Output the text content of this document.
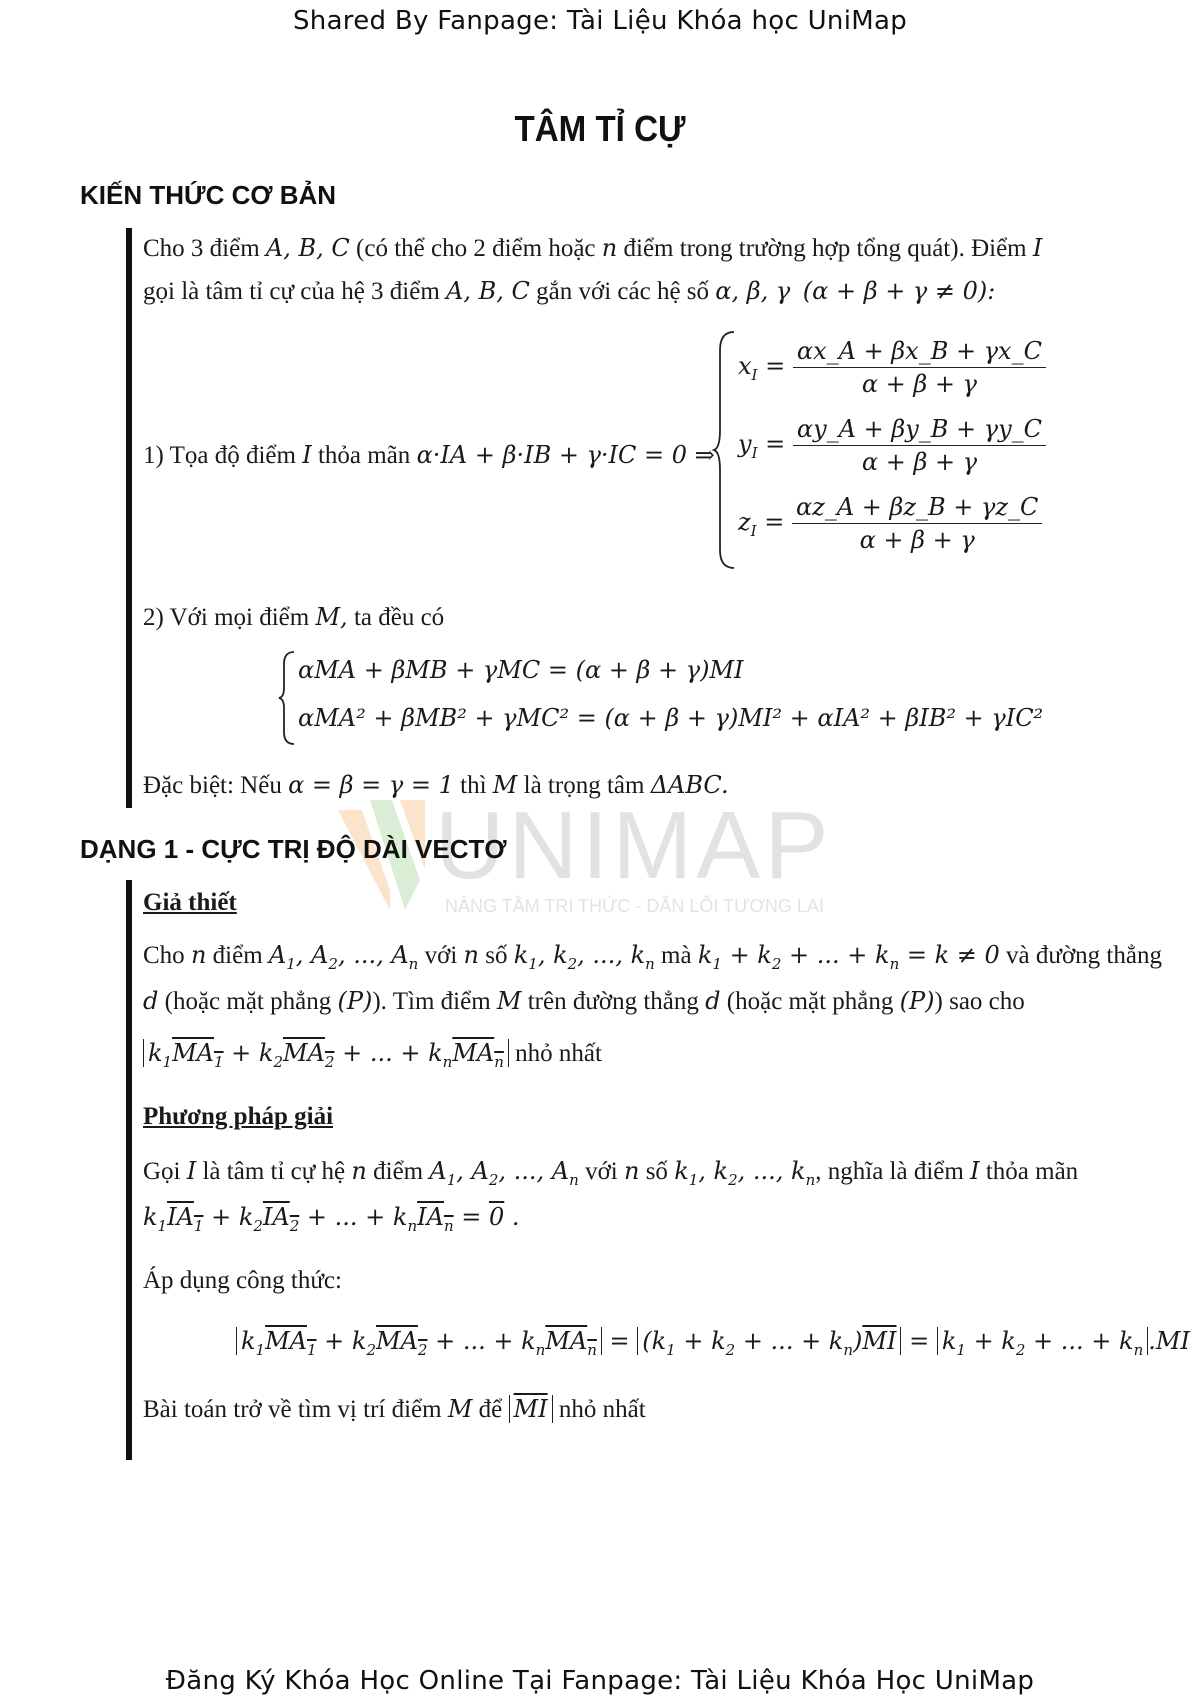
Shared By Fanpage: Tài Liệu Khóa học UniMap
UNIMAP
NÂNG TẦM TRI THỨC - DẪN LỐI TƯƠNG LAI
TÂM TỈ CỰ
KIẾN THỨC CƠ BẢN

Cho 3 điểm A, B, C (có thể cho 2 điểm hoặc n điểm trong trường hợp tổng quát). Điểm I

gọi là tâm tỉ cự của hệ 3 điểm A, B, C gắn với các hệ số α, β, γ (α + β + γ ≠ 0):

1) Tọa độ điểm I thỏa mãn α·IA + β·IB + γ·IC = 0 ⇒

$x_I = \frac{\alpha x\_A + \beta x\_B + \gamma x\_C}{\alpha + \beta + \gamma}$
$y_I = \frac{\alpha y\_A + \beta y\_B + \gamma y\_C}{\alpha + \beta + \gamma}$
$z_I = \frac{\alpha z\_A + \beta z\_B + \gamma z\_C}{\alpha + \beta + \gamma}$

2) Với mọi điểm M, ta đều có

αMA + βMB + γMC = (α + β + γ)MI
αMA² + βMB² + γMC² = (α + β + γ)MI² + αIA² + βIB² + γIC²

Đặc biệt: Nếu α = β = γ = 1 thì M là trọng tâm ΔABC.

DẠNG 1 - CỰC TRỊ ĐỘ DÀI VECTƠ

Giả thiết

Cho n điểm $A_1$, $A_2$, ..., $A_n$ với n số $k_1$, $k_2$, ..., $k_n$ mà $k_1 + k_2$ + ... + $k_n = k \ne 0$ và đường thẳng

d (hoặc mặt phẳng (P)). Tìm điểm M trên đường thẳng d (hoặc mặt phẳng (P)) sao cho

$k_1MA_1 + k_2MA_2$ + ... + $k_nMA_n$ nhỏ nhất

Phương pháp giải

Gọi I là tâm tỉ cự hệ n điểm $A_1$, $A_2$, ..., $A_n$ với n số $k_1$, $k_2$, ..., $k_n$, nghĩa là điểm I thỏa mãn

$k_1IA_1 + k_2IA_2$ + ... + $k_nIA_n = 0$ .

Áp dụng công thức:

$k_1MA_1 + k_2MA_2$ + ... + $k_nMA_n = (k_1 + k_2$ + ... + $k_n)\overline{MI} = k_1 + k_2$ + ... + $k_n$ .MI

Bài toán trở về tìm vị trí điểm M để $\overline{MI}$ nhỏ nhất

Đăng Ký Khóa Học Online Tại Fanpage: Tài Liệu Khóa Học UniMap
